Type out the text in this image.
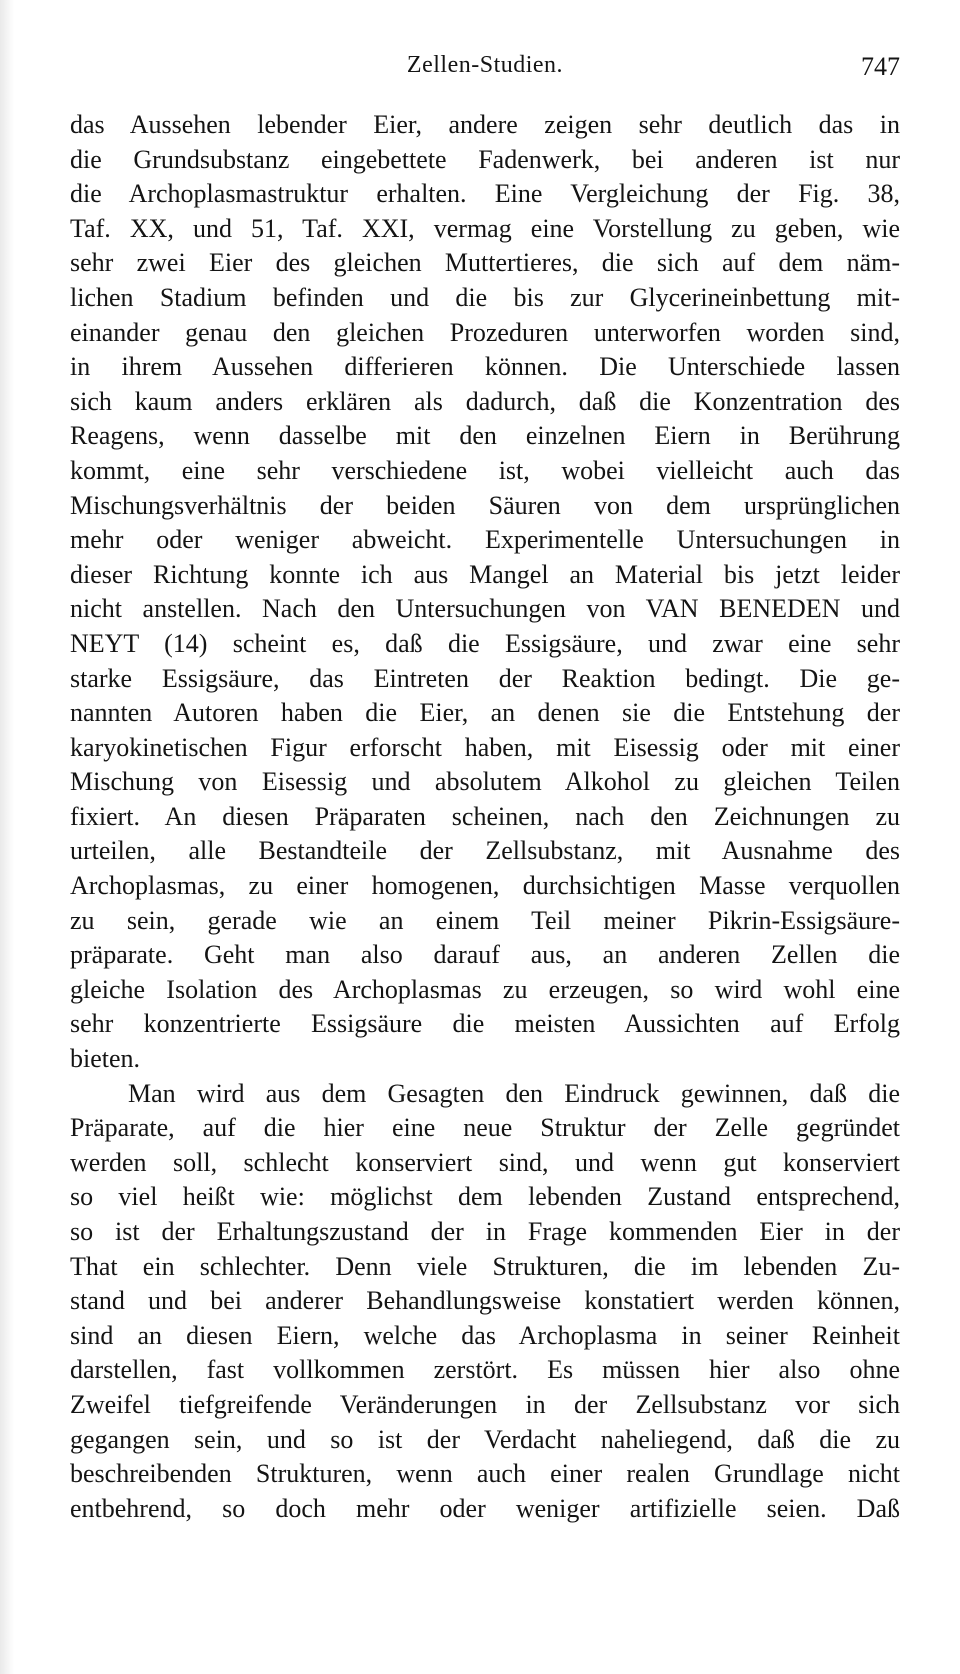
Zellen-Studien.	747
das Aussehen lebender Eier, andere zeigen sehr deutlich das in
die Grundsubstanz eingebettete Fadenwerk, bei anderen ist nur
die Archoplasmastruktur erhalten. Eine Vergleichung der Fig. 38,
Taf. XX, und 51, Taf. XXI, vermag eine Vorstellung zu geben, wie
sehr zwei Eier des gleichen Muttertieres, die sich auf dem näm-
lichen Stadium befinden und die bis zur Glycerineinbettung mit-
einander genau den gleichen Prozeduren unterworfen worden sind,
in ihrem Aussehen differieren können. Die Unterschiede lassen
sich kaum anders erklären als dadurch, daß die Konzentration des
Reagens, wenn dasselbe mit den einzelnen Eiern in Berührung
kommt, eine sehr verschiedene ist, wobei vielleicht auch das
Mischungsverhältnis der beiden Säuren von dem ursprünglichen
mehr oder weniger abweicht. Experimentelle Untersuchungen in
dieser Richtung konnte ich aus Mangel an Material bis jetzt leider
nicht anstellen. Nach den Untersuchungen von VAN BENEDEN und
NEYT (14) scheint es, daß die Essigsäure, und zwar eine sehr
starke Essigsäure, das Eintreten der Reaktion bedingt. Die ge-
nannten Autoren haben die Eier, an denen sie die Entstehung der
karyokinetischen Figur erforscht haben, mit Eisessig oder mit einer
Mischung von Eisessig und absolutem Alkohol zu gleichen Teilen
fixiert. An diesen Präparaten scheinen, nach den Zeichnungen zu
urteilen, alle Bestandteile der Zellsubstanz, mit Ausnahme des
Archoplasmas, zu einer homogenen, durchsichtigen Masse verquollen
zu sein, gerade wie an einem Teil meiner Pikrin-Essigsäure-
präparate. Geht man also darauf aus, an anderen Zellen die
gleiche Isolation des Archoplasmas zu erzeugen, so wird wohl eine
sehr konzentrierte Essigsäure die meisten Aussichten auf Erfolg
bieten.
Man wird aus dem Gesagten den Eindruck gewinnen, daß die
Präparate, auf die hier eine neue Struktur der Zelle gegründet
werden soll, schlecht konserviert sind, und wenn gut konserviert
so viel heißt wie: möglichst dem lebenden Zustand entsprechend,
so ist der Erhaltungszustand der in Frage kommenden Eier in der
That ein schlechter. Denn viele Strukturen, die im lebenden Zu-
stand und bei anderer Behandlungsweise konstatiert werden können,
sind an diesen Eiern, welche das Archoplasma in seiner Reinheit
darstellen, fast vollkommen zerstört. Es müssen hier also ohne
Zweifel tiefgreifende Veränderungen in der Zellsubstanz vor sich
gegangen sein, und so ist der Verdacht naheliegend, daß die zu
beschreibenden Strukturen, wenn auch einer realen Grundlage nicht
entbehrend, so doch mehr oder weniger artifizielle seien. Daß
